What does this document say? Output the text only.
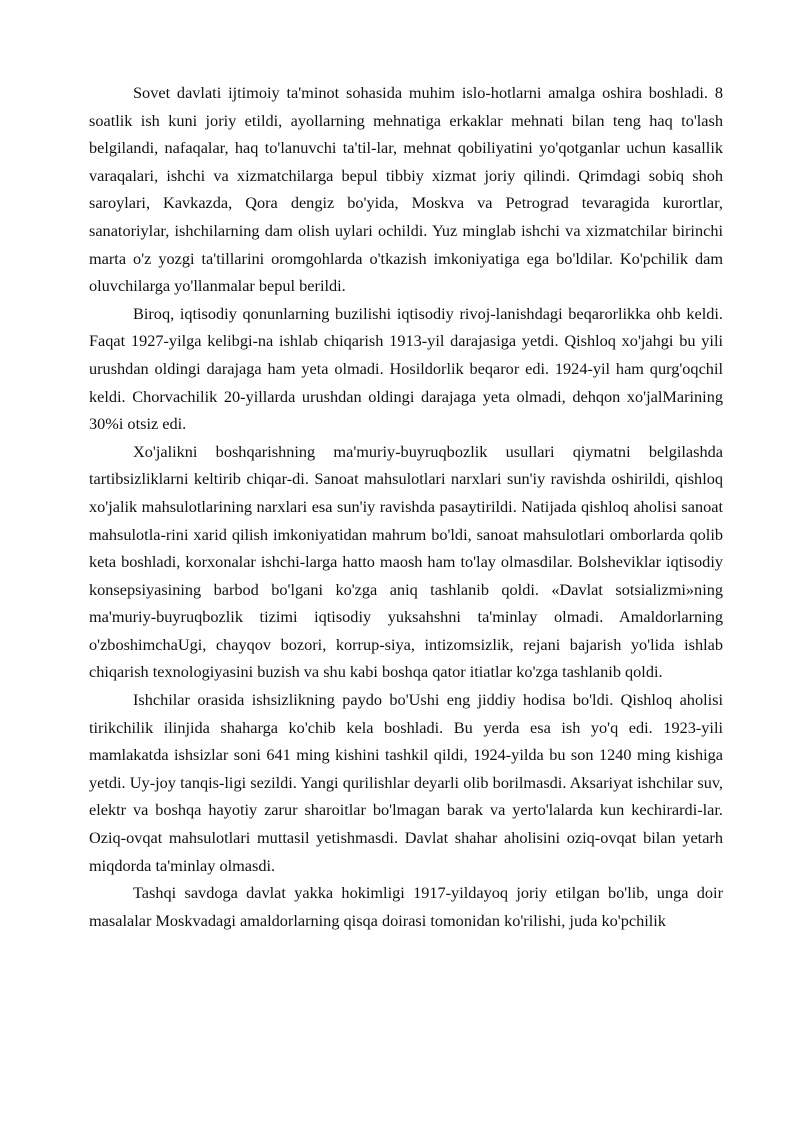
Sovet davlati ijtimoiy ta'minot sohasida muhim islo-hotlarni amalga oshira boshladi. 8 soatlik ish kuni joriy etildi, ayollarning mehnatiga erkaklar mehnati bilan teng haq to'lash belgilandi, nafaqalar, haq to'lanuvchi ta'til-lar, mehnat qobiliyatini yo'qotganlar uchun kasallik varaqalari, ishchi va xizmatchilarga bepul tibbiy xizmat joriy qilindi. Qrimdagi sobiq shoh saroylari, Kavkazda, Qora dengiz bo'yida, Moskva va Petrograd tevaragida kurortlar, sanatoriylar, ishchilarning dam olish uylari ochildi. Yuz minglab ishchi va xizmatchilar birinchi marta o'z yozgi ta'tillarini oromgohlarda o'tkazish imkoniyatiga ega bo'ldilar. Ko'pchilik dam oluvchilarga yo'llanmalar bepul berildi.

Biroq, iqtisodiy qonunlarning buzilishi iqtisodiy rivoj-lanishdagi beqarorlikka ohb keldi. Faqat 1927-yilga kelibgi-na ishlab chiqarish 1913-yil darajasiga yetdi. Qishloq xo'jahgi bu yili urushdan oldingi darajaga ham yeta olmadi. Hosildorlik beqaror edi. 1924-yil ham qurg'oqchil keldi. Chorvachilik 20-yillarda urushdan oldingi darajaga yeta olmadi, dehqon xo'jalMarining 30%i otsiz edi.

Xo'jalikni boshqarishning ma'muriy-buyruqbozlik usullari qiymatni belgilashda tartibsizliklarni keltirib chiqar-di. Sanoat mahsulotlari narxlari sun'iy ravishda oshirildi, qishloq xo'jalik mahsulotlarining narxlari esa sun'iy ravishda pasaytirildi. Natijada qishloq aholisi sanoat mahsulotla-rini xarid qilish imkoniyatidan mahrum bo'ldi, sanoat mahsulotlari omborlarda qolib keta boshladi, korxonalar ishchi-larga hatto maosh ham to'lay olmasdilar. Bolsheviklar iqtisodiy konsepsiyasining barbod bo'lgani ko'zga aniq tashlanib qoldi. «Davlat sotsializmi»ning ma'muriy-buyruqbozlik tizimi iqtisodiy yuksahshni ta'minlay olmadi. Amaldorlarning o'zboshimchaUgi, chayqov bozori, korrup-siya, intizomsizlik, rejani bajarish yo'lida ishlab chiqarish texnologiyasini buzish va shu kabi boshqa qator itiatlar ko'zga tashlanib qoldi.

Ishchilar orasida ishsizlikning paydo bo'Ushi eng jiddiy hodisa bo'ldi. Qishloq aholisi tirikchilik ilinjida shaharga ko'chib kela boshladi. Bu yerda esa ish yo'q edi. 1923-yili mamlakatda ishsizlar soni 641 ming kishini tashkil qildi, 1924-yilda bu son 1240 ming kishiga yetdi. Uy-joy tanqis-ligi sezildi. Yangi qurilishlar deyarli olib borilmasdi. Aksariyat ishchilar suv, elektr va boshqa hayotiy zarur sharoitlar bo'lmagan barak va yerto'lalarda kun kechirardi-lar. Oziq-ovqat mahsulotlari muttasil yetishmasdi. Davlat shahar aholisini oziq-ovqat bilan yetarh miqdorda ta'minlay olmasdi.

Tashqi savdoga davlat yakka hokimligi 1917-yildayoq joriy etilgan bo'lib, unga doir masalalar Moskvadagi amaldorlarning qisqa doirasi tomonidan ko'rilishi, juda ko'pchilik
